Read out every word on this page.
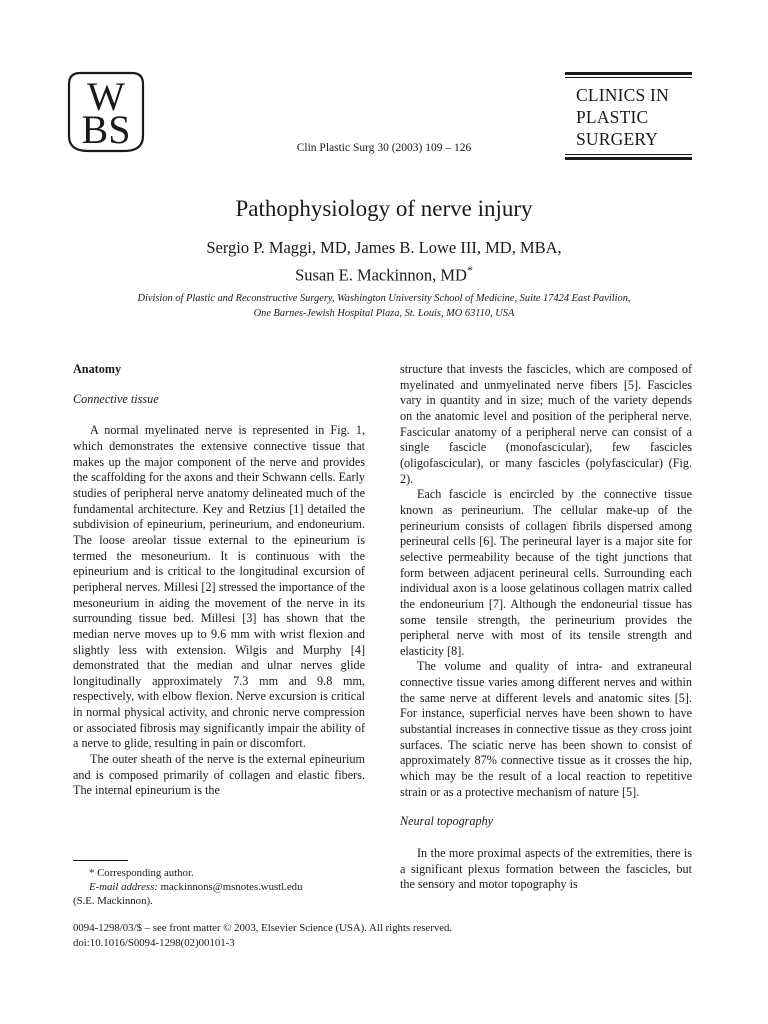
W
BS
CLINICS IN
PLASTIC
SURGERY
Clin Plastic Surg 30 (2003) 109 – 126
Pathophysiology of nerve injury
Sergio P. Maggi, MD, James B. Lowe III, MD, MBA,
Susan E. Mackinnon, MD*
Division of Plastic and Reconstructive Surgery, Washington University School of Medicine, Suite 17424 East Pavilion,
One Barnes-Jewish Hospital Plaza, St. Louis, MO 63110, USA
Anatomy
Connective tissue

A normal myelinated nerve is represented in Fig. 1, which demonstrates the extensive connective tissue that makes up the major component of the nerve and provides the scaffolding for the axons and their Schwann cells. Early studies of peripheral nerve anatomy delineated much of the fundamental architecture. Key and Retzius [1] detailed the subdivision of epineurium, perineurium, and endoneurium. The loose areolar tissue external to the epineurium is termed the mesoneurium. It is continuous with the epineurium and is critical to the longitudinal excursion of peripheral nerves. Millesi [2] stressed the importance of the mesoneurium in aiding the movement of the nerve in its surrounding tissue bed. Millesi [3] has shown that the median nerve moves up to 9.6 mm with wrist flexion and slightly less with extension. Wilgis and Murphy [4] demonstrated that the median and ulnar nerves glide longitudinally approximately 7.3 mm and 9.8 mm, respectively, with elbow flexion. Nerve excursion is critical in normal physical activity, and chronic nerve compression or associated fibrosis may significantly impair the ability of a nerve to glide, resulting in pain or discomfort.

The outer sheath of the nerve is the external epineurium and is composed primarily of collagen and elastic fibers. The internal epineurium is the

structure that invests the fascicles, which are composed of myelinated and unmyelinated nerve fibers [5]. Fascicles vary in quantity and in size; much of the variety depends on the anatomic level and position of the peripheral nerve. Fascicular anatomy of a peripheral nerve can consist of a single fascicle (monofascicular), few fascicles (oligofascicular), or many fascicles (polyfascicular) (Fig. 2).

Each fascicle is encircled by the connective tissue known as perineurium. The cellular make-up of the perineurium consists of collagen fibrils dispersed among perineural cells [6]. The perineural layer is a major site for selective permeability because of the tight junctions that form between adjacent perineural cells. Surrounding each individual axon is a loose gelatinous collagen matrix called the endoneurium [7]. Although the endoneurial tissue has some tensile strength, the perineurium provides the peripheral nerve with most of its tensile strength and elasticity [8].

The volume and quality of intra- and extraneural connective tissue varies among different nerves and within the same nerve at different levels and anatomic sites [5]. For instance, superficial nerves have been shown to have substantial increases in connective tissue as they cross joint surfaces. The sciatic nerve has been shown to consist of approximately 87% connective tissue as it crosses the hip, which may be the result of a local reaction to repetitive strain or as a protective mechanism of nature [5].

Neural topography

In the more proximal aspects of the extremities, there is a significant plexus formation between the fascicles, but the sensory and motor topography is

* Corresponding author.
E-mail address: mackinnons@msnotes.wustl.edu
(S.E. Mackinnon).
0094-1298/03/$ – see front matter © 2003, Elsevier Science (USA). All rights reserved.
doi:10.1016/S0094-1298(02)00101-3
